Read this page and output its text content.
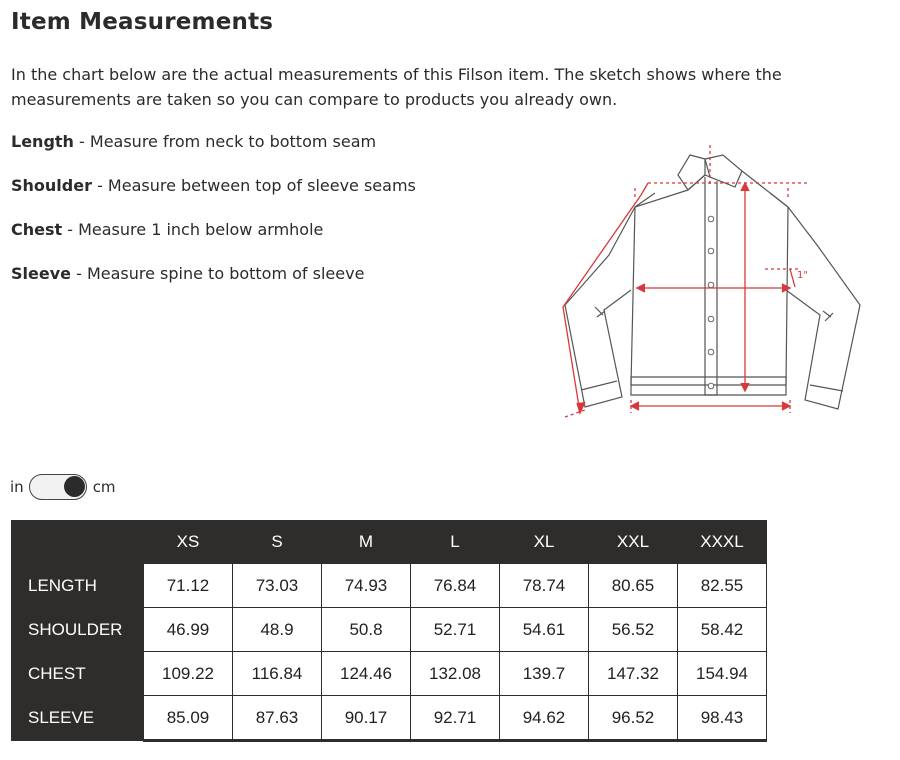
Item Measurements
In the chart below are the actual measurements of this Filson item. The sketch shows where the measurements are taken so you can compare to products you already own.
Length - Measure from neck to bottom seam
Shoulder - Measure between top of sleeve seams
Chest - Measure 1 inch below armhole
Sleeve - Measure spine to bottom of sleeve	1"
in	cm
	XS	S	M	L	XL	XXL	XXXL
LENGTH	71.12	73.03	74.93	76.84	78.74	80.65	82.55
SHOULDER	46.99	48.9	50.8	52.71	54.61	56.52	58.42
CHEST	109.22	116.84	124.46	132.08	139.7	147.32	154.94
SLEEVE	85.09	87.63	90.17	92.71	94.62	96.52	98.43
